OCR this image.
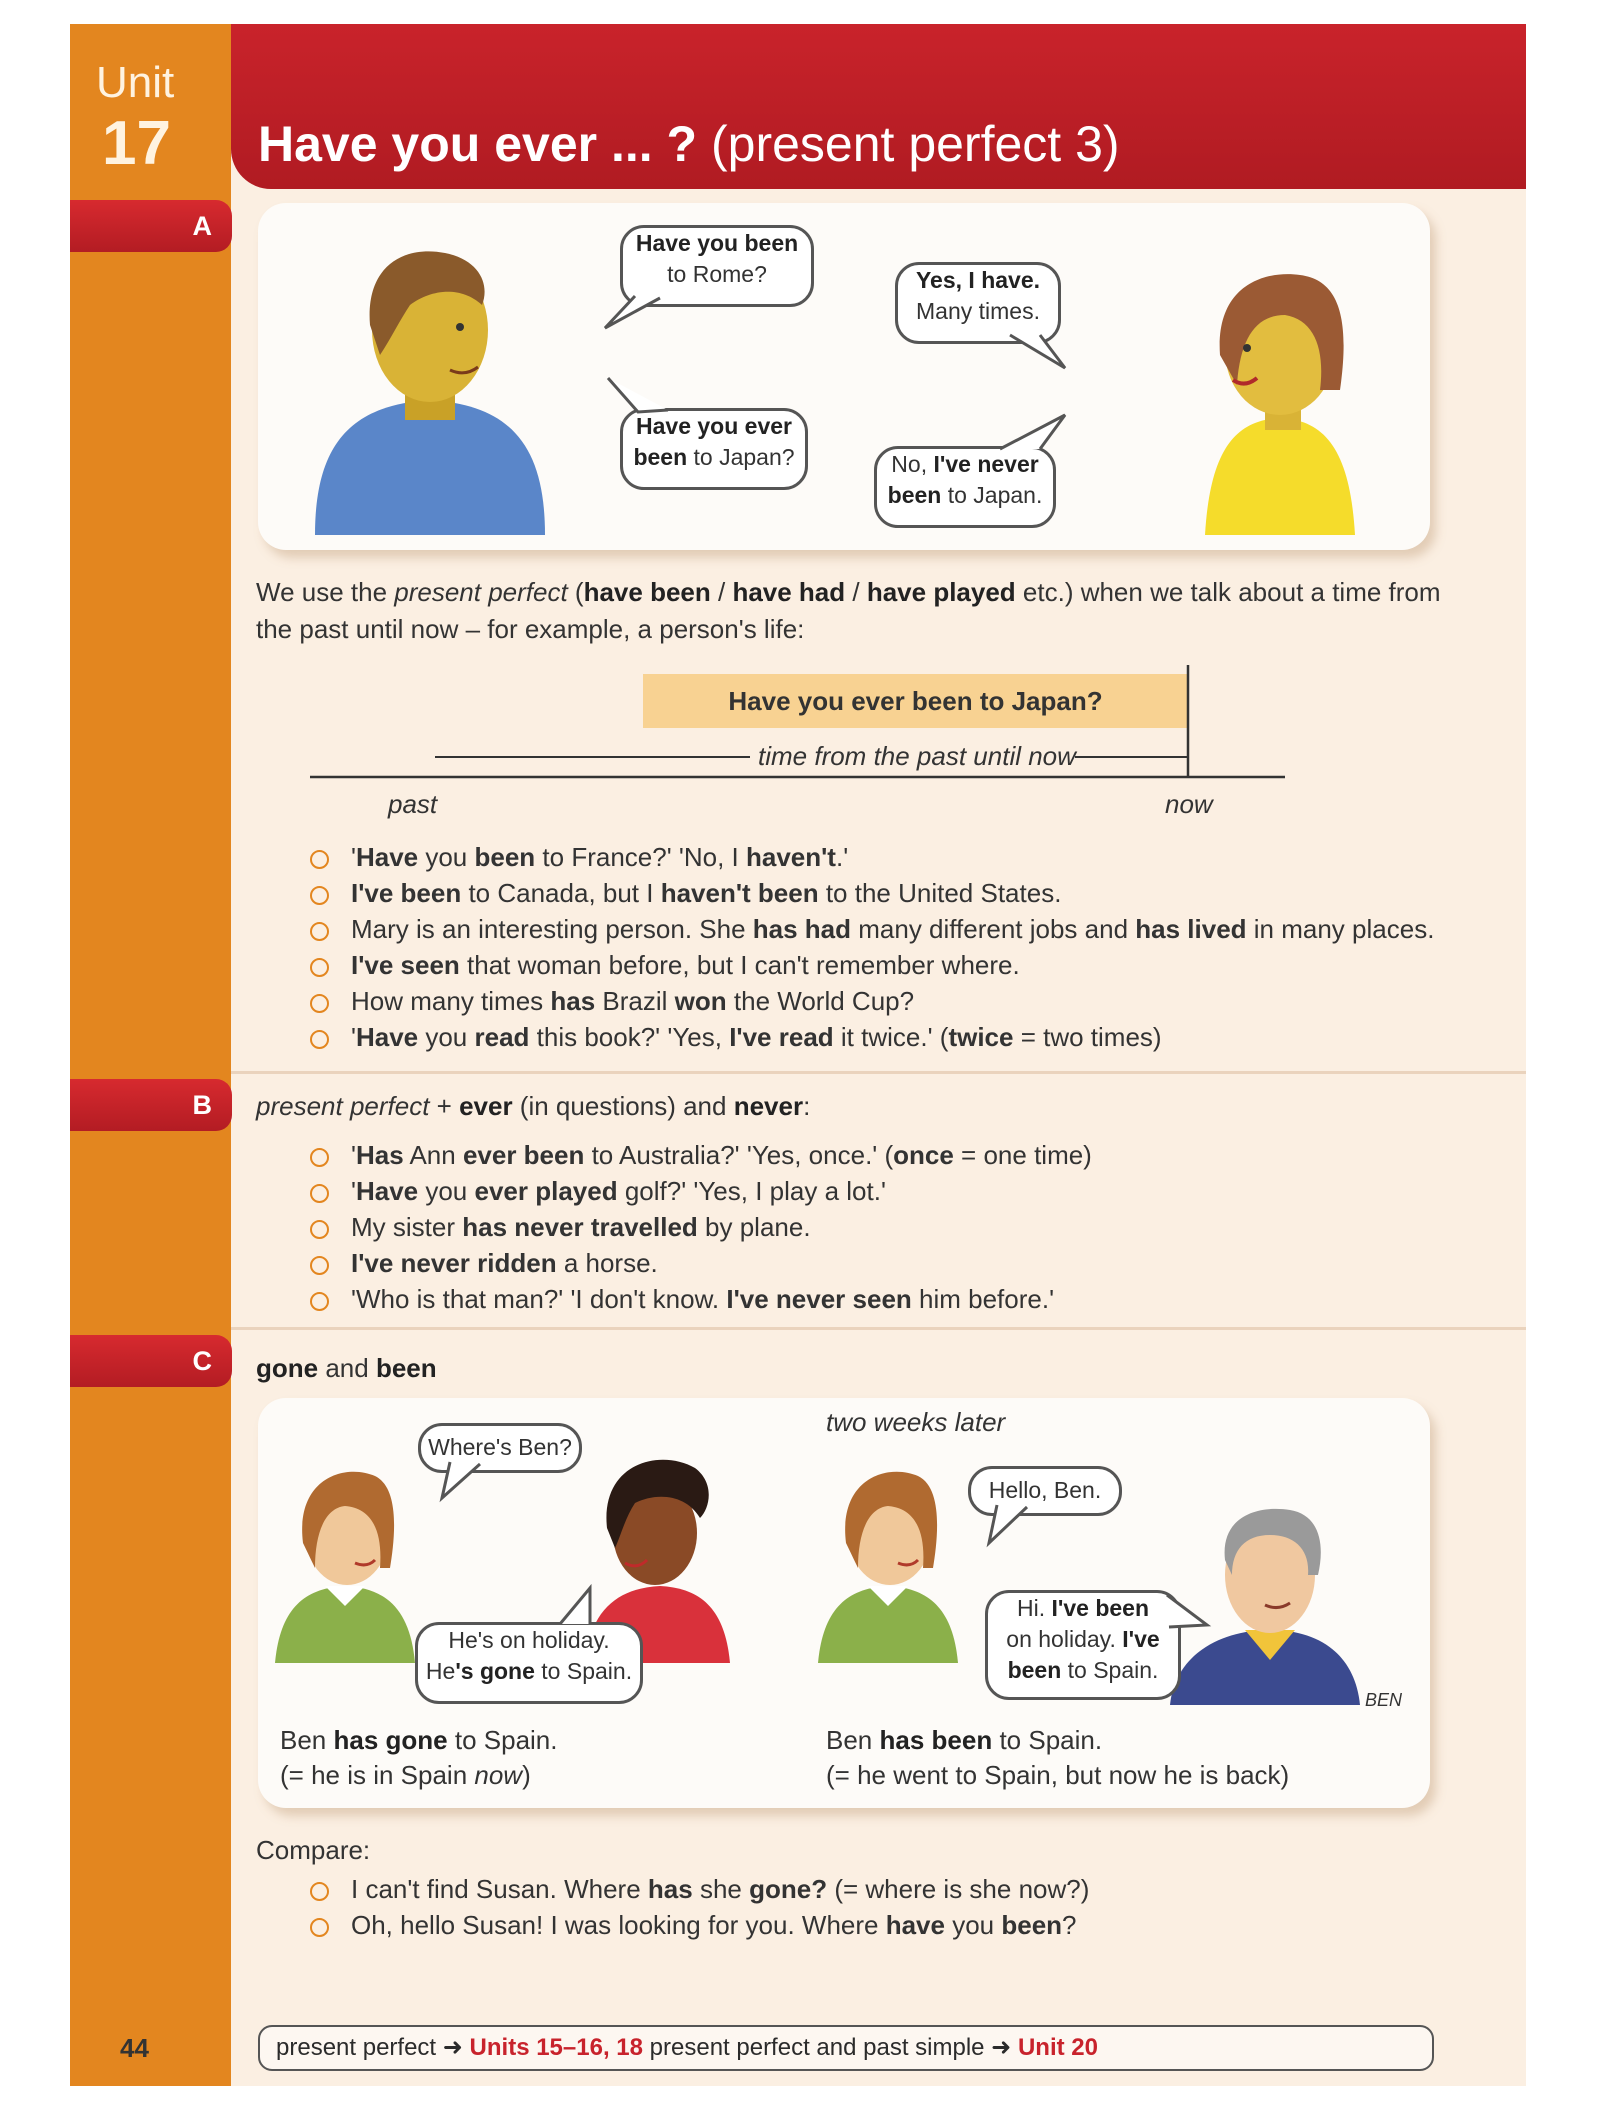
Unit
17 Have you ever ... ? (present perfect 3)
A
B
C
Have you been
to Rome?	Yes, I have.
Many times.
Have you ever
been to Japan?	No, I've never
been to Japan.
We use the present perfect (have been / have had / have played etc.) when we talk about a time from
the past until now – for example, a person's life:
Have you ever been to Japan?
time from the past until now
past	now
'Have you been to France?' 'No, I haven't.'
I've been to Canada, but I haven't been to the United States.
Mary is an interesting person. She has had many different jobs and has lived in many places.
I've seen that woman before, but I can't remember where.
How many times has Brazil won the World Cup?
'Have you read this book?' 'Yes, I've read it twice.' (twice = two times)
present perfect + ever (in questions) and never:
'Has Ann ever been to Australia?' 'Yes, once.' (once = one time)
'Have you ever played golf?' 'Yes, I play a lot.'
My sister has never travelled by plane.
I've never ridden a horse.
'Who is that man?' 'I don't know. I've never seen him before.'
gone and been
Where's Ben?
He's on holiday.
He's gone to Spain.
Ben has gone to Spain.
(= he is in Spain now)
two weeks later
Hello, Ben.
Hi. I've been
on holiday. I've
been to Spain.
BEN
Ben has been to Spain.
(= he went to Spain, but now he is back)
Compare:
I can't find Susan. Where has she gone? (= where is she now?)
Oh, hello Susan! I was looking for you. Where have you been?
44	present perfect ➜ Units 15–16, 18 present perfect and past simple ➜ Unit 20
